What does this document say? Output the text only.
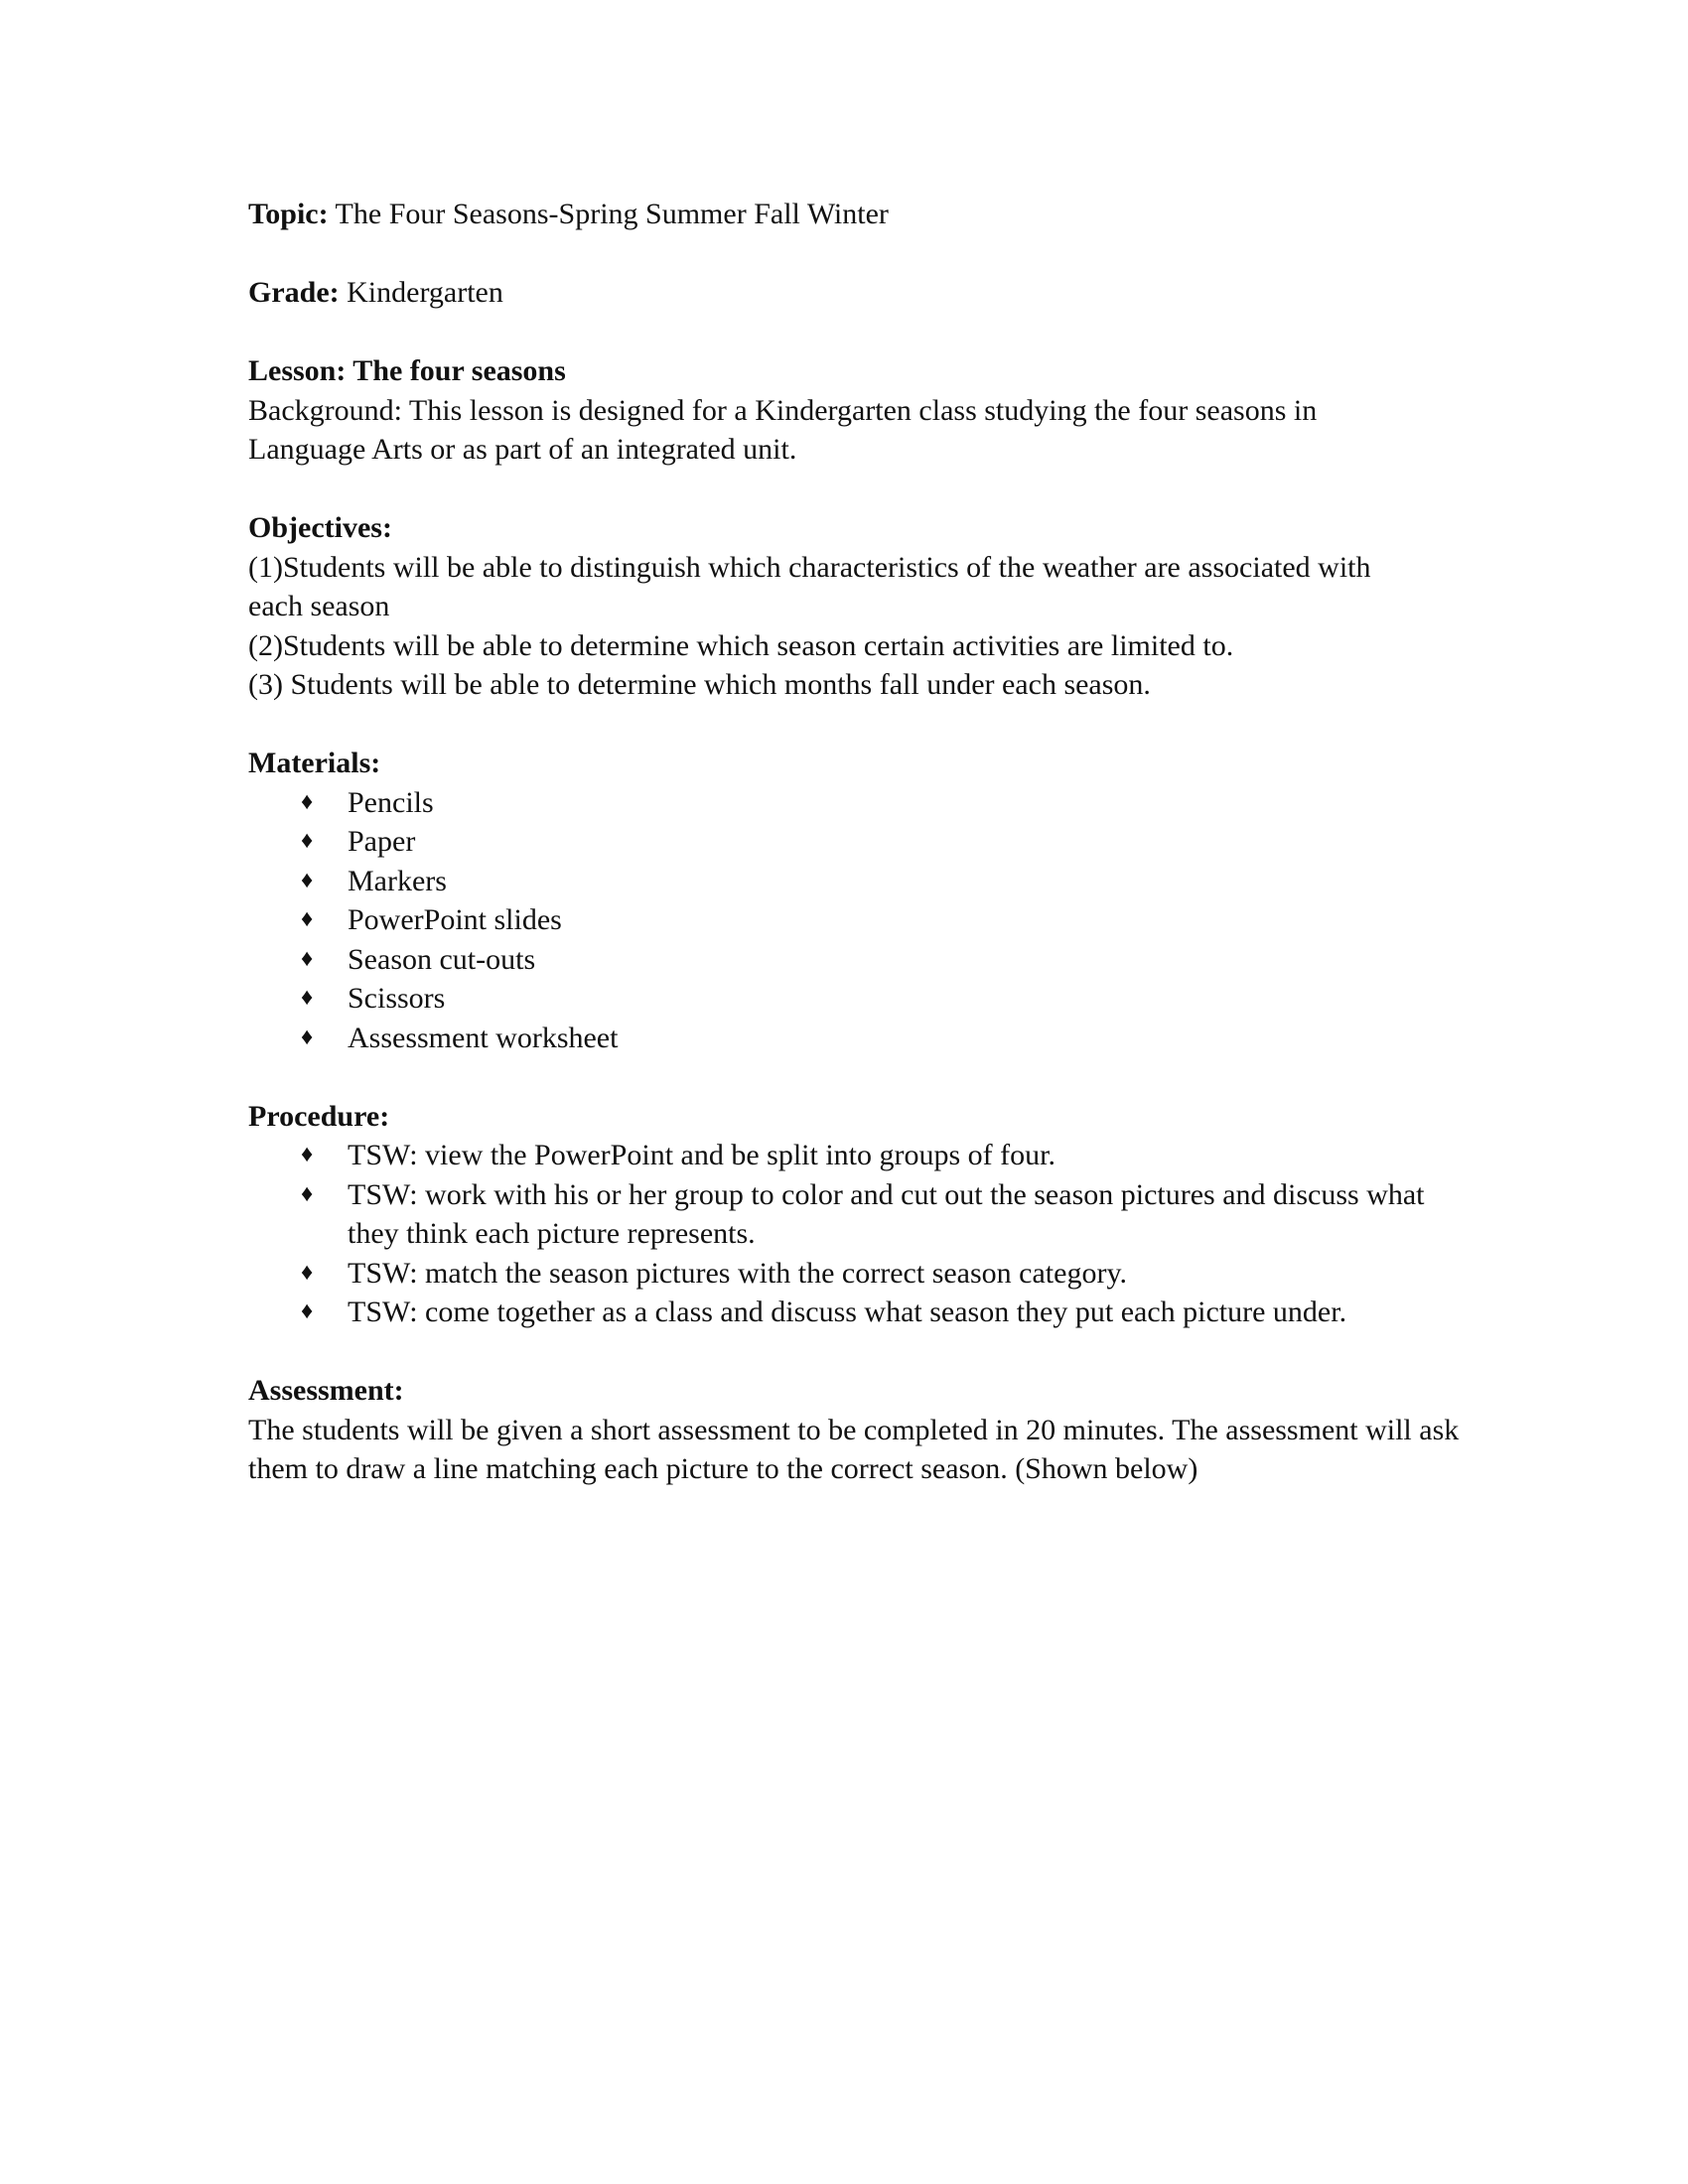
Topic: The Four Seasons-Spring Summer Fall Winter

Grade: Kindergarten

Lesson: The four seasons

Background: This lesson is designed for a Kindergarten class studying the four seasons in Language Arts or as part of an integrated unit.

Objectives:

(1)Students will be able to distinguish which characteristics of the weather are associated with each season

(2)Students will be able to determine which season certain activities are limited to.

(3) Students will be able to determine which months fall under each season.

Materials:

♦ Pencils
♦ Paper
♦ Markers
♦ PowerPoint slides
♦ Season cut-outs
♦ Scissors
♦ Assessment worksheet

Procedure:

♦ TSW: view the PowerPoint and be split into groups of four.
♦ TSW: work with his or her group to color and cut out the season pictures and discuss what they think each picture represents.
♦ TSW: match the season pictures with the correct season category.
♦ TSW: come together as a class and discuss what season they put each picture under.

Assessment:

The students will be given a short assessment to be completed in 20 minutes. The assessment will ask them to draw a line matching each picture to the correct season. (Shown below)
